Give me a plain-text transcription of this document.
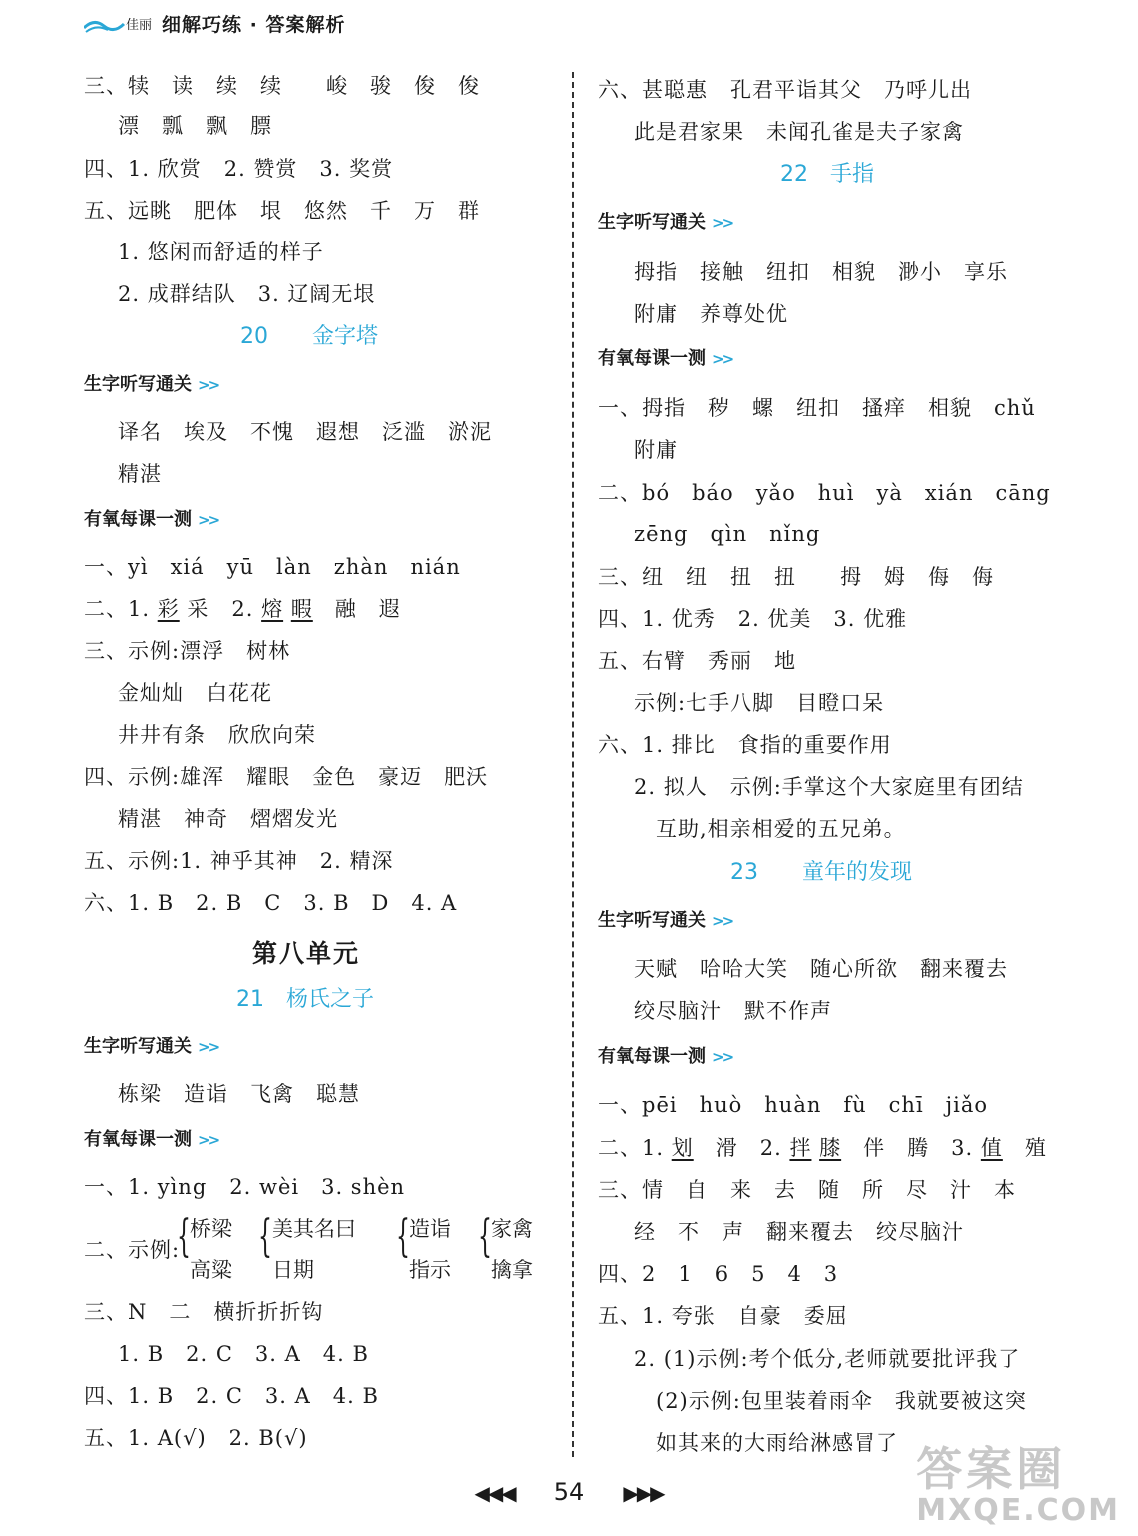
佳丽 细解巧练 · 答案解析
三、犊　读　续　续　　峻　骏　俊　俊
漂　瓢　飘　膘
四、1. 欣赏　2. 赞赏　3. 奖赏
五、远眺　肥体　垠　悠然　千　万　群
1. 悠闲而舒适的样子
2. 成群结队　3. 辽阔无垠
20　　金字塔
生字听写通关 >>
译名　埃及　不愧　遐想　泛滥　淤泥
精湛
有氧每课一测 >>
一、yì　xiá　yū　làn　zhàn　nián
二、1. 彩 采　2. 熔 暇　融　遐
三、示例:漂浮　树林
金灿灿　白花花
井井有条　欣欣向荣
四、示例:雄浑　耀眼　金色　豪迈　肥沃
精湛　神奇　熠熠发光
五、示例:1. 神乎其神　2. 精深
六、1. B　2. B　C　3. B　D　4. A
第八单元
21　杨氏之子
生字听写通关 >>
栋梁　造诣　飞禽　聪慧
有氧每课一测 >>
一、1. yìng　2. wèi　3. shèn
二、示例:
{ 桥梁
高粱
{ 美其名曰
日期
{ 造诣
指示
{ 家禽
擒拿
三、N　二　横折折折钩
1. B　2. C　3. A　4. B
四、1. B　2. C　3. A　4. B
五、1. A(√)　2. B(√)
六、甚聪惠　孔君平诣其父　乃呼儿出
此是君家果　未闻孔雀是夫子家禽
22　手指
生字听写通关 >>
拇指　接触　纽扣　相貌　渺小　享乐
附庸　养尊处优
有氧每课一测 >>
一、拇指　秽　螺　纽扣　搔痒　相貌　chǔ
附庸
二、bó　báo　yǎo　huì　yà　xián　cāng
zēng　qìn　nǐng
三、纽　纽　扭　扭　　拇　姆　侮　侮
四、1. 优秀　2. 优美　3. 优雅
五、右臂　秀丽　地
示例:七手八脚　目瞪口呆
六、1. 排比　食指的重要作用
2. 拟人　示例:手掌这个大家庭里有团结
互助,相亲相爱的五兄弟。
23　　童年的发现
生字听写通关 >>
天赋　哈哈大笑　随心所欲　翻来覆去
绞尽脑汁　默不作声
有氧每课一测 >>
一、pēi　huò　huàn　fù　chī　jiǎo
二、1. 划　滑　2. 拌 膝　伴　腾　3. 值　殖
三、情　自　来　去　随　所　尽　汁　本
经　不　声　翻来覆去　绞尽脑汁
四、2　1　6　5　4　3
五、1. 夸张　自豪　委屈
2. (1)示例:考个低分,老师就要批评我了
(2)示例:包里装着雨伞　我就要被这突
如其来的大雨给淋感冒了
◀◀◀ 54 ▶▶▶	答案圈
MXQE.COM
